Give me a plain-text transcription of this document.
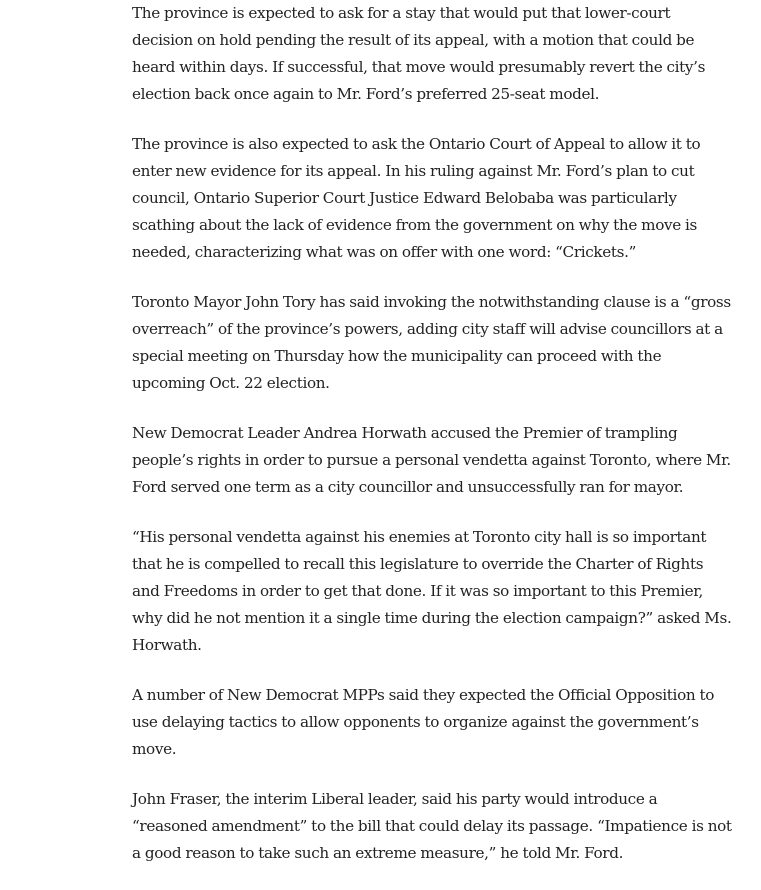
The province is expected to ask for a stay that would put that lower-court decision on hold pending the result of its appeal, with a motion that could be heard within days. If successful, that move would presumably revert the city’s election back once again to Mr. Ford’s preferred 25-seat model.

The province is also expected to ask the Ontario Court of Appeal to allow it to enter new evidence for its appeal. In his ruling against Mr. Ford’s plan to cut council, Ontario Superior Court Justice Edward Belobaba was particularly scathing about the lack of evidence from the government on why the move is needed, characterizing what was on offer with one word: “Crickets.”

Toronto Mayor John Tory has said invoking the notwithstanding clause is a “gross overreach” of the province’s powers, adding city staff will advise councillors at a special meeting on Thursday how the municipality can proceed with the upcoming Oct. 22 election.

New Democrat Leader Andrea Horwath accused the Premier of trampling people’s rights in order to pursue a personal vendetta against Toronto, where Mr. Ford served one term as a city councillor and unsuccessfully ran for mayor.

“His personal vendetta against his enemies at Toronto city hall is so important that he is compelled to recall this legislature to override the Charter of Rights and Freedoms in order to get that done. If it was so important to this Premier, why did he not mention it a single time during the election campaign?” asked Ms. Horwath.

A number of New Democrat MPPs said they expected the Official Opposition to use delaying tactics to allow opponents to organize against the government’s move.

John Fraser, the interim Liberal leader, said his party would introduce a “reasoned amendment” to the bill that could delay its passage. “Impatience is not a good reason to take such an extreme measure,” he told Mr. Ford.
